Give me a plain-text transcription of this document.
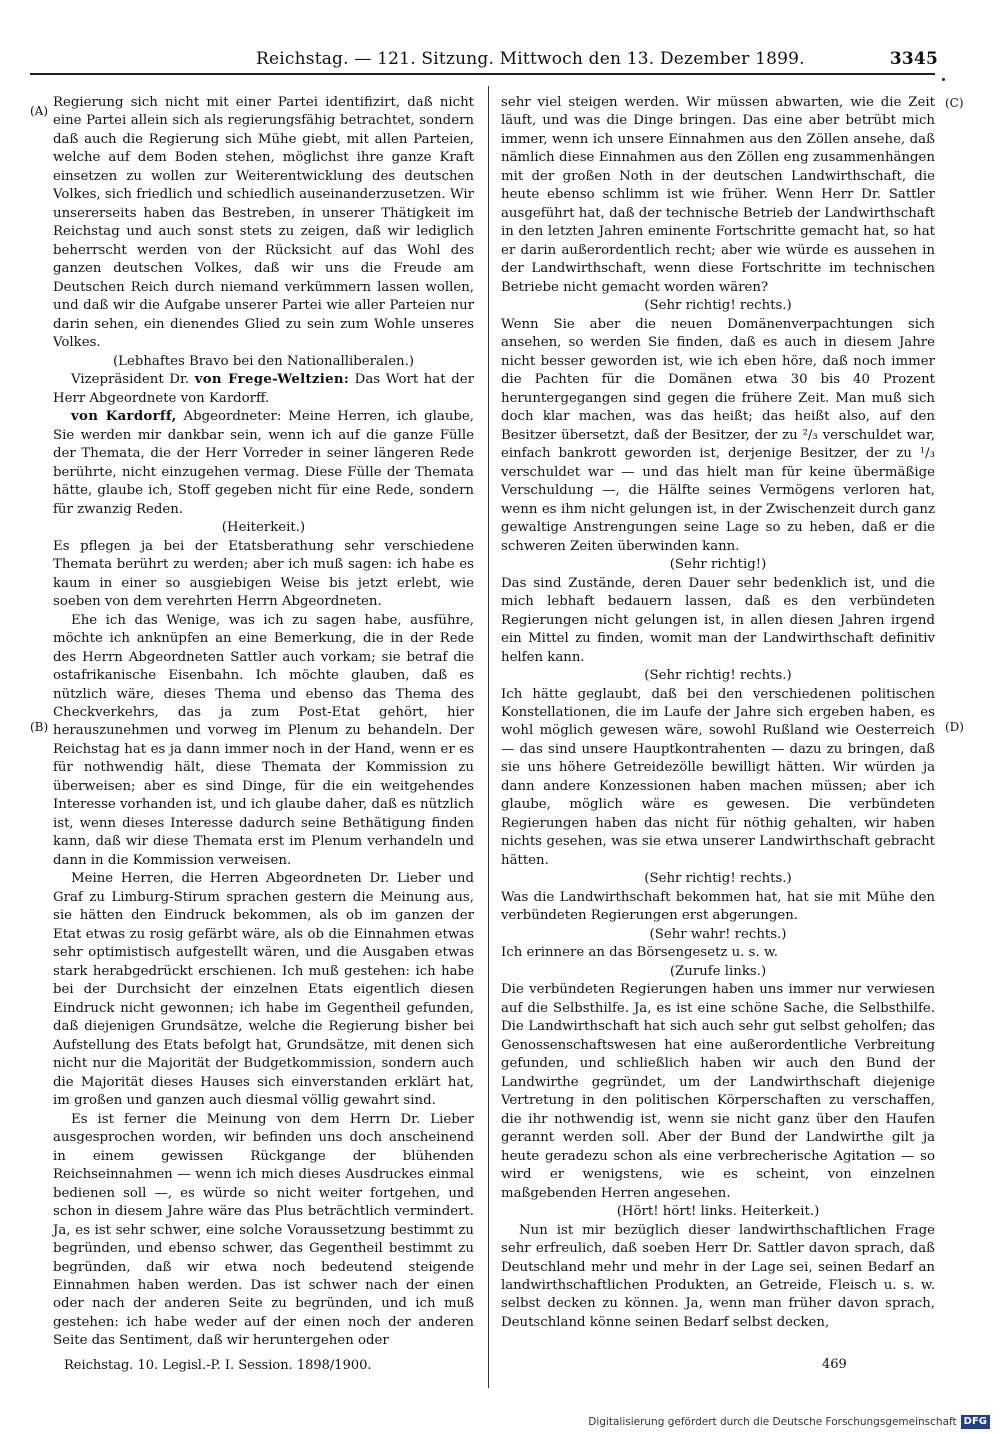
Reichstag. — 121. Sitzung. Mittwoch den 13. Dezember 1899.	3345
(A)
(B)
(C)
(D)

Regierung sich nicht mit einer Partei identifizirt, daß nicht eine Partei allein sich als regierungsfähig betrachtet, sondern daß auch die Regierung sich Mühe giebt, mit allen Parteien, welche auf dem Boden stehen, möglichst ihre ganze Kraft einsetzen zu wollen zur Weiterentwicklung des deutschen Volkes, sich friedlich und schiedlich auseinanderzusetzen. Wir unsererseits haben das Bestreben, in unserer Thätigkeit im Reichstag und auch sonst stets zu zeigen, daß wir lediglich beherrscht werden von der Rücksicht auf das Wohl des ganzen deutschen Volkes, daß wir uns die Freude am Deutschen Reich durch niemand verkümmern lassen wollen, und daß wir die Aufgabe unserer Partei wie aller Parteien nur darin sehen, ein dienendes Glied zu sein zum Wohle unseres Volkes.

(Lebhaftes Bravo bei den Nationalliberalen.)

Vizepräsident Dr. von Frege-Weltzien: Das Wort hat der Herr Abgeordnete von Kardorff.

von Kardorff, Abgeordneter: Meine Herren, ich glaube, Sie werden mir dankbar sein, wenn ich auf die ganze Fülle der Themata, die der Herr Vorreder in seiner längeren Rede berührte, nicht einzugehen vermag. Diese Fülle der Themata hätte, glaube ich, Stoff gegeben nicht für eine Rede, sondern für zwanzig Reden.

(Heiterkeit.)

Es pflegen ja bei der Etatsberathung sehr verschiedene Themata berührt zu werden; aber ich muß sagen: ich habe es kaum in einer so ausgiebigen Weise bis jetzt erlebt, wie soeben von dem verehrten Herrn Abgeordneten.

Ehe ich das Wenige, was ich zu sagen habe, ausführe, möchte ich anknüpfen an eine Bemerkung, die in der Rede des Herrn Abgeordneten Sattler auch vorkam; sie betraf die ostafrikanische Eisenbahn. Ich möchte glauben, daß es nützlich wäre, dieses Thema und ebenso das Thema des Checkverkehrs, das ja zum Post-Etat gehört, hier herauszunehmen und vorweg im Plenum zu behandeln. Der Reichstag hat es ja dann immer noch in der Hand, wenn er es für nothwendig hält, diese Themata der Kommission zu überweisen; aber es sind Dinge, für die ein weitgehendes Interesse vorhanden ist, und ich glaube daher, daß es nützlich ist, wenn dieses Interesse dadurch seine Bethätigung finden kann, daß wir diese Themata erst im Plenum verhandeln und dann in die Kommission verweisen.

Meine Herren, die Herren Abgeordneten Dr. Lieber und Graf zu Limburg-Stirum sprachen gestern die Meinung aus, sie hätten den Eindruck bekommen, als ob im ganzen der Etat etwas zu rosig gefärbt wäre, als ob die Einnahmen etwas sehr optimistisch aufgestellt wären, und die Ausgaben etwas stark herabgedrückt erschienen. Ich muß gestehen: ich habe bei der Durchsicht der einzelnen Etats eigentlich diesen Eindruck nicht gewonnen; ich habe im Gegentheil gefunden, daß diejenigen Grundsätze, welche die Regierung bisher bei Aufstellung des Etats befolgt hat, Grundsätze, mit denen sich nicht nur die Majorität der Budgetkommission, sondern auch die Majorität dieses Hauses sich einverstanden erklärt hat, im großen und ganzen auch diesmal völlig gewahrt sind.

Es ist ferner die Meinung von dem Herrn Dr. Lieber ausgesprochen worden, wir befinden uns doch anscheinend in einem gewissen Rückgange der blühenden Reichseinnahmen — wenn ich mich dieses Ausdruckes einmal bedienen soll —, es würde so nicht weiter fortgehen, und schon in diesem Jahre wäre das Plus beträchtlich vermindert. Ja, es ist sehr schwer, eine solche Voraussetzung bestimmt zu begründen, und ebenso schwer, das Gegentheil bestimmt zu begründen, daß wir etwa noch bedeutend steigende Einnahmen haben werden. Das ist schwer nach der einen oder nach der anderen Seite zu begründen, und ich muß gestehen: ich habe weder auf der einen noch der anderen Seite das Sentiment, daß wir heruntergehen oder

sehr viel steigen werden. Wir müssen abwarten, wie die Zeit läuft, und was die Dinge bringen. Das eine aber betrübt mich immer, wenn ich unsere Einnahmen aus den Zöllen ansehe, daß nämlich diese Einnahmen aus den Zöllen eng zusammenhängen mit der großen Noth in der deutschen Landwirthschaft, die heute ebenso schlimm ist wie früher. Wenn Herr Dr. Sattler ausgeführt hat, daß der technische Betrieb der Landwirthschaft in den letzten Jahren eminente Fortschritte gemacht hat, so hat er darin außerordentlich recht; aber wie würde es aussehen in der Landwirthschaft, wenn diese Fortschritte im technischen Betriebe nicht gemacht worden wären?

(Sehr richtig! rechts.)

Wenn Sie aber die neuen Domänenverpachtungen sich ansehen, so werden Sie finden, daß es auch in diesem Jahre nicht besser geworden ist, wie ich eben höre, daß noch immer die Pachten für die Domänen etwa 30 bis 40 Prozent heruntergegangen sind gegen die frühere Zeit. Man muß sich doch klar machen, was das heißt; das heißt also, auf den Besitzer übersetzt, daß der Besitzer, der zu ²/₃ verschuldet war, einfach bankrott geworden ist, derjenige Besitzer, der zu ¹/₃ verschuldet war — und das hielt man für keine übermäßige Verschuldung —, die Hälfte seines Vermögens verloren hat, wenn es ihm nicht gelungen ist, in der Zwischenzeit durch ganz gewaltige Anstrengungen seine Lage so zu heben, daß er die schweren Zeiten überwinden kann.

(Sehr richtig!)

Das sind Zustände, deren Dauer sehr bedenklich ist, und die mich lebhaft bedauern lassen, daß es den verbündeten Regierungen nicht gelungen ist, in allen diesen Jahren irgend ein Mittel zu finden, womit man der Landwirthschaft definitiv helfen kann.

(Sehr richtig! rechts.)

Ich hätte geglaubt, daß bei den verschiedenen politischen Konstellationen, die im Laufe der Jahre sich ergeben haben, es wohl möglich gewesen wäre, sowohl Rußland wie Oesterreich — das sind unsere Hauptkontrahenten — dazu zu bringen, daß sie uns höhere Getreidezölle bewilligt hätten. Wir würden ja dann andere Konzessionen haben machen müssen; aber ich glaube, möglich wäre es gewesen. Die verbündeten Regierungen haben das nicht für nöthig gehalten, wir haben nichts gesehen, was sie etwa unserer Landwirthschaft gebracht hätten.

(Sehr richtig! rechts.)

Was die Landwirthschaft bekommen hat, hat sie mit Mühe den verbündeten Regierungen erst abgerungen.

(Sehr wahr! rechts.)

Ich erinnere an das Börsengesetz u. s. w.

(Zurufe links.)

Die verbündeten Regierungen haben uns immer nur verwiesen auf die Selbsthilfe. Ja, es ist eine schöne Sache, die Selbsthilfe. Die Landwirthschaft hat sich auch sehr gut selbst geholfen; das Genossenschaftswesen hat eine außerordentliche Verbreitung gefunden, und schließlich haben wir auch den Bund der Landwirthe gegründet, um der Landwirthschaft diejenige Vertretung in den politischen Körperschaften zu verschaffen, die ihr nothwendig ist, wenn sie nicht ganz über den Haufen gerannt werden soll. Aber der Bund der Landwirthe gilt ja heute geradezu schon als eine verbrecherische Agitation — so wird er wenigstens, wie es scheint, von einzelnen maßgebenden Herren angesehen.

(Hört! hört! links. Heiterkeit.)

Nun ist mir bezüglich dieser landwirthschaftlichen Frage sehr erfreulich, daß soeben Herr Dr. Sattler davon sprach, daß Deutschland mehr und mehr in der Lage sei, seinen Bedarf an landwirthschaftlichen Produkten, an Getreide, Fleisch u. s. w. selbst decken zu können. Ja, wenn man früher davon sprach, Deutschland könne seinen Bedarf selbst decken,

Reichstag. 10. Legisl.-P. I. Session. 1898/1900.	469
Digitalisierung gefördert durch die Deutsche Forschungsgemeinschaft DFG
